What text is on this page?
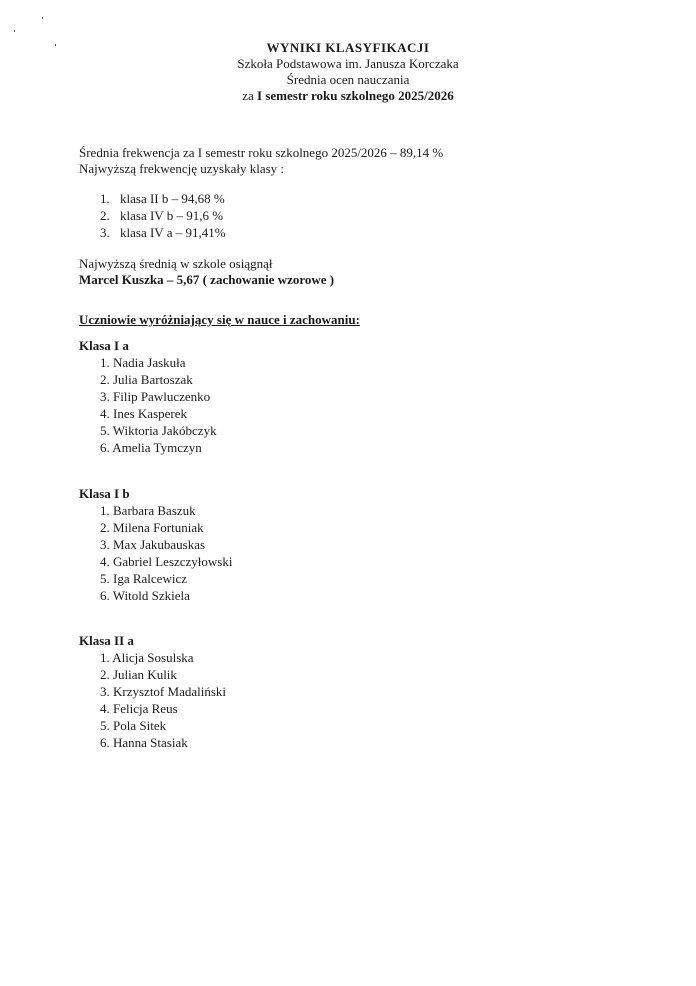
WYNIKI KLASYFIKACJI
Szkoła Podstawowa im. Janusza Korczaka
Średnia ocen nauczania
za I semestr roku szkolnego 2025/2026
Średnia frekwencja za I semestr roku szkolnego 2025/2026 – 89,14 %
Najwyższą frekwencję uzyskały klasy :
1. klasa II b – 94,68 %
2. klasa IV b – 91,6 %
3. klasa IV a – 91,41%
Najwyższą średnią w szkole osiągnął
Marcel Kuszka – 5,67 ( zachowanie wzorowe )
Uczniowie wyróżniający się w nauce i zachowaniu:
Klasa I a
1. Nadia Jaskuła
2. Julia Bartoszak
3. Filip Pawluczenko
4. Ines Kasperek
5. Wiktoria Jakóbczyk
6. Amelia Tymczyn
Klasa I b
1. Barbara Baszuk
2. Milena Fortuniak
3. Max Jakubauskas
4. Gabriel Leszczyłowski
5. Iga Ralcewicz
6. Witold Szkiela
Klasa II a
1. Alicja Sosulska
2. Julian Kulik
3. Krzysztof Madaliński
4. Felicja Reus
5. Pola Sitek
6. Hanna Stasiak
